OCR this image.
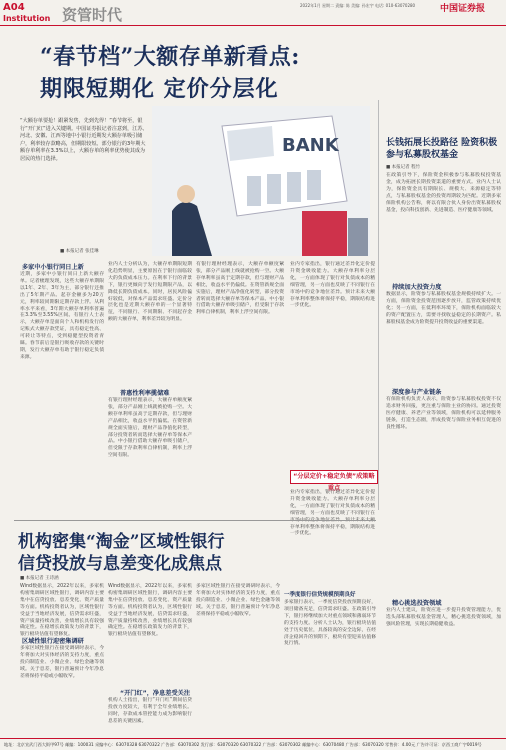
A04
Institution 资管时代
2022年1月 星期二 责编: 陈 美编: 孙宏宇 电话: 010-63070280	中国证券报
“春节档”大额存单新看点:
期限短期化 定价分层化
“大额存单要抢！跟紧发售，先到先得！”春节将至，银行“开门红”进入关键期。中国证券报记者注意到，江苏、河北、安徽、江西等地中小银行近期发大额存单吸引储户，利率较存款略高，但期限较短。部分银行的3年期大额存单利率在3.3%以上，大额存单的利率优势使其成为居民的热门选择。
■ 本报记者 张佳琳
BANK
多家中小银行同日上新
近期，多家中小银行同日上新大额存单。记者梳理发现，这些大额存单期限以1年、2年、3年为主，部分银行还推出了5年期产品。起存金额多为20万元，利率较同期限定期存款上浮。从利率水平来看，3年期大额存单利率普遍在3.3%至3.55%区间。有银行人士表示，大额存单是面向个人和机构发行的记账式大额存款凭证，具有稳定性高、可转让等特点，受到稳健型投资者青睐。春节前后是银行吸收存款的关键时期，发行大额存单有助于银行稳定负债来源。
业内人士分析认为，大额存单期限短期化趋势明显，主要原因在于银行面临较大的负债成本压力。在利率下行的背景下，银行更倾向于发行短期限产品，以降低长期负债成本。同时，居民风险偏好较低，对保本产品需求旺盛。定价分层化也是近期大额存单的一个显著特征，不同银行、不同期限、不同起存金额的大额存单，利率差异较为明显。
普惠性利率揽储难
有银行理财经理表示，大额存单额度紧张，部分产品刚上线就被抢购一空。大额存单利率虽高于定期存款，但与理财产品相比，收益水平仍偏低。在资管新规全面实施后，理财产品净值化转型，部分投资者转而选择大额存单等保本产品。中小银行借助大额存单吸引储户，但受限于存款利率自律机制，利率上浮空间有限。
有银行理财经理表示，大额存单额度紧张，部分产品刚上线就被抢购一空。大额存单利率虽高于定期存款，但与理财产品相比，收益水平仍偏低。在资管新规全面实施后，理财产品净值化转型，部分投资者转而选择大额存单等保本产品。中小银行借助大额存单吸引储户，但受限于存款利率自律机制，利率上浮空间有限。
业内专家指出，银行通过差异化定价提升资金吸收能力。大额存单利率分层化，一方面体现了银行对负债成本的精细管理，另一方面也反映了不同银行在市场中的竞争地位差异。预计未来大额存单利率整体将保持平稳，期限结构进一步优化。
“分层定价+稳定负债”成策略重点
业内专家指出，银行通过差异化定价提升资金吸收能力。大额存单利率分层化，一方面体现了银行对负债成本的精细管理，另一方面也反映了不同银行在 存单利率整体将保持平稳，期限结构进一步优化。
机构密集“淘金”区域性银行
信贷投放与息差变化成焦点
■ 本报记者 王诗涵
Wind数据显示，2022年以来，多家机构密集调研区域性银行，调研内容主要集中在信贷投放、息差变化、资产质量等方面。机构投资者认为，区域性银行受益于当地经济发展，信贷需求旺盛，资产质量持续改善，业绩增长具有较强确定性。在稳增长政策发力的背景下，银行板块估值有望修复。
区域性银行迎密集调研
多家区域性银行在接受调研时表示，今年将加大对实体经济的支持力度，重点投向制造业、小微企业、绿色金融等领域。关于息差，银行普遍预计今年净息差将保持平稳或小幅收窄。
Wind数据显示，2022年以来，多家机构密集调研区域性银行，调研内容主要集中在信贷投放、息差变化、资产质量等方面。机构投资者认为，区域性银行受益于当地经济发展，信贷需求旺盛，资产质量持续改善，业绩增长具有较强确定性。在稳增长政策发力的背景下，银行板块估值有望修复。
“开门红”，净息差受关注
机构人士指出，银行“开门红”期间信贷投放力度较大，有利于全年业绩增长。同时，存款成本管控能力成为影响银行息差的关键因素。
多家区域性银行在接受调研时表示，今年将加大对实体经济的支持力度，重点投向制造业、小微企业、绿色金融等领域。关于息差，银行普遍预计今年净息差将保持平稳或小幅收窄。
一季度银行信贷规模预期良好
多家银行表示，一季度信贷投放预期良好，项目储备充足，信贷需求旺盛。在政策引导下，银行将继续加大对重点领域和薄弱环节的支持力度。分析人士认为，银行板块估值处于历史低位，具备较高的安全边际，在经济企稳回升的预期下，板块有望迎来估值修复行情。
长钱拓展长投路径 险资积极参与私募股权基金
■ 本报记者 程竹
在政策引导下，保险资金积极参与私募股权投资基金，成为拓展长期投资渠道的重要方式。业内人士认为，保险资金具有期限长、规模大、来源稳定等特点，与私募股权基金的投资周期较为匹配。近期多家保险机构公告称，将以有限合伙人身份出资私募股权基金，投向科技创新、先进制造、医疗健康等领域。
持续加大投资力度
数据显示，险资参与私募股权基金规模持续扩大。一方面，保险资金投资范围逐步放开，监管政策持续优化；另一方面，在低利率环境下，保险机构面临较大的资产配置压力，需要寻找收益稳定的长期资产。私募股权基金成为险资提升投资收益的重要渠道。
深度参与产业链条
有保险机构负责人表示，险资参与私募股权投资不仅追求财务回报，更注重与保险主业的协同。通过投资医疗健康、养老产业等领域，保险机构可以延伸服务链条，打造生态圈，形成投资与保险业务相互促进的良性循环。
精心挑选投资领域
业内人士建议，险资应进一步提升投资管理能力，优选头部私募股权基金管理人，精心挑选投资领域，加强风险管理，实现长期稳健收益。
地址：北京宣武门西大街甲97号 邮编：100031 采编中心：63070328 63070322 广告部：63070302 发行部：63070320 63070322 广告部：63070302 邮编中心：63070480 广告部：63070320 零售价：4.00元 广告许可证：京西工商广字0019号
